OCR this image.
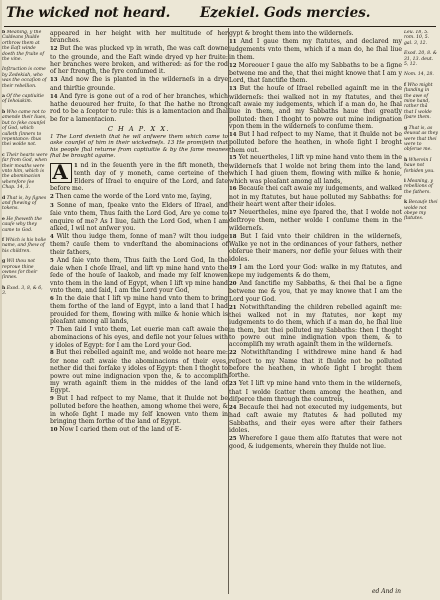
The wicked not heard. Ezekiel. Gods mercies.
b Meaning, y the Caldeans ſhulde orthrow them at the Eaſt winde doeth the fruite of the vine.
Inſtruction is come by Zedekiah, who was the occaſion of their rebellion.
a Of the captiuitie of Iehoiakim.
b Who came not to amende their liues, but to ſeke counſel of God, which calleth ſinners to repentance: thus thei wolde not.
c Their hearts were far from God, when their mouths were vnto him, which is the abominacion wherefore ſee Chap. 14, 3.
d That is, by ſignes and ſhewing of tokens.
e He ſheweth the cauſe why they came to God.
f Which is his holie name, and ſhew of his children.
g Wil thou not reproue thine ownes for their ſinnes.
h Exod. 3, 8, & 6, 3.

appeared in her height with her multitude of her branches.

12 But ſhe was plucked vp in wrath, ſhe was caſt downe to the grounde, and the Eaſt winde dryed vp her fruite: her branches were broken, and withered: as for the rod of her ſtrength, the fyre conſumed it.

13 And now ſhe is planted in the wilderneſs in a drye and thirſtie grounde.

14 And fyre is gone out of a rod of her branches, which hathe deuoured her fruite, ſo that ſhe hathe no ſtrong rod to be a ſcepter to rule: this is a lamentacion and ſhal be for a lamentacion.

C H A P. X X.
1 The Lord denieth that he wil anſwere them which came to aske counſel of him in their wickedneſs. 13 He promiſeth that his people ſhal returne from captiuitie & by the ſame meanes ſhal be brought againe.

A	1 nd in the ſeuenth yere in the fift moneth, the tenth day of y moneth, came certeine of the Elders of Iſrael to enquire of the Lord, and ſate before me.

2 Then came the worde of the Lord vnto me, ſaying,

3 Sonne of man, ſpeake vnto the Elders of Iſrael, and ſaie vnto them, Thus ſaith the Lord God, Are ye come to enquire of me? As I liue, ſaith the Lord God, when I am aſked, I wil not anſwer you.

4 Wilt thou iudge them, ſonne of man? wilt thou iudge them? cauſe them to vnderſtand the abominacions of their fathers,

5 And ſaie vnto them, Thus ſaith the Lord God, In the daie when I choſe Iſrael, and lift vp mine hand vnto the ſede of the houſe of Iaakob, and made my ſelf knowen vnto them in the land of Egypt, when I lift vp mine hand vnto them, and ſaid, I am the Lord your God,

6 In the daie that I lift vp mine hand vnto them to bring them forthe of the land of Egypt, into a land that I had prouided for them, flowing with milke & honie which is pleaſant among all lands,

7 Then ſaid I vnto them, Let euerie man caſt awaie the abominacions of his eyes, and defile not your ſelues with y idoles of Egypt: for I am the Lord your God.

8 But thei rebelled againſt me, and wolde not heare me: for none caſt awaie the abominacions of their eyes, nether did thei forſake y idoles of Egypt: then I thoght to powre out mine indignacion vpon the, & to accompliſh my wrath againſt them in the middes of the land of Egypt.

9 But I had reſpect to my Name, that it ſhulde not be polluted before the heathen, among whome thei were, & in whoſe ſight I made my ſelf knowen vnto them in bringing them forthe of the land of Egypt.

10 Now I caried them out of the land of E-

gypt & broght them into the wilderneſs.

11 And I gaue them my ſtatutes, and declared my iudgements vnto them, which if a man do, he ſhal liue in them.

12 Moreouer I gaue the alſo my Sabbaths to be a ſigne betwene me and the, that thei might knowe that I am y Lord, that ſanctifie them.

13 But the houſe of Iſrael rebelled againſt me in the wilderneſs: thei walked not in my ſtatutes, and thei caſt awaie my iudgements, which if a man do, he ſhal liue in them, and my Sabbaths haue thei greatly polluted: then I thoght to powre out mine indignation vpon them in the wilderneſs to conſume them.

14 But I had reſpect to my Name, that it ſhulde not be polluted before the heathen, in whoſe ſight I broght them out.

15 Yet neuertheles, I lift vp mine hand vnto them in the wilderneſs that I wolde not bring them into the land, which I had giuen them, flowing with milke & honie, which was pleaſant among all lands,

16 Becauſe thei caſt awaie my iudgements, and walked not in my ſtatutes, but haue polluted my Sabbaths: for their heart went after their idoles.

17 Neuertheles, mine eye ſpared the, that I wolde not deſtroye them, nether wolde I conſume them in the wilderneſs.

18 But I ſaid vnto their children in the wilderneſs, Walke ye not in the ordinances of your fathers, nether obſerue their maners, nor defile your ſelues with their idoles.

19 I am the Lord your God: walke in my ſtatutes, and kepe my iudgements & do them,

20 And ſanctifie my Sabbaths, & thei ſhal be a ſigne betwene me & you, that ye may knowe that I am the Lord your God.

21 Notwithſtanding the children rebelled againſt me: thei walked not in my ſtatutes, nor kept my iudgements to do them, which if a man do, he ſhal liue in them, but thei polluted my Sabbaths: then I thoght to powre out mine indignation vpon them, & to accompliſh my wrath againſt them in the wilderneſs.

22 Notwithſtanding I withdrewe mine hand & had reſpect to my Name that it ſhulde not be polluted before the heathen, in whoſe ſight I broght them forthe.

23 Yet I lift vp mine hand vnto them in the wilderneſs, that I wolde ſcatter them among the heathen, and diſperce them through the countreis,

24 Becauſe thei had not executed my iudgements, but had caſt awaie my ſtatutes & had polluted my Sabbaths, and their eyes were after their fathers idoles.

25 Wherefore I gaue them alſo ſtatutes that were not good, & iudgements, wherein they ſhulde not liue.

Leu. 18, 5. rom. 10, 5. gal. 3, 12.
Exod. 20, 8. & 31, 13. deut. 5, 12.
Nom. 14, 28.
f Who might ſtanding in the awe of mine hand, rather thā that I wolde ſpare them.
g That is, as deuout as they were that thei were to obſerue me.
h Wherein I haue not forbiden you.
i Meaning, y rebellions of the fathers.
k Becauſe thei wolde not obeye my ſtatutes.
ed And in
